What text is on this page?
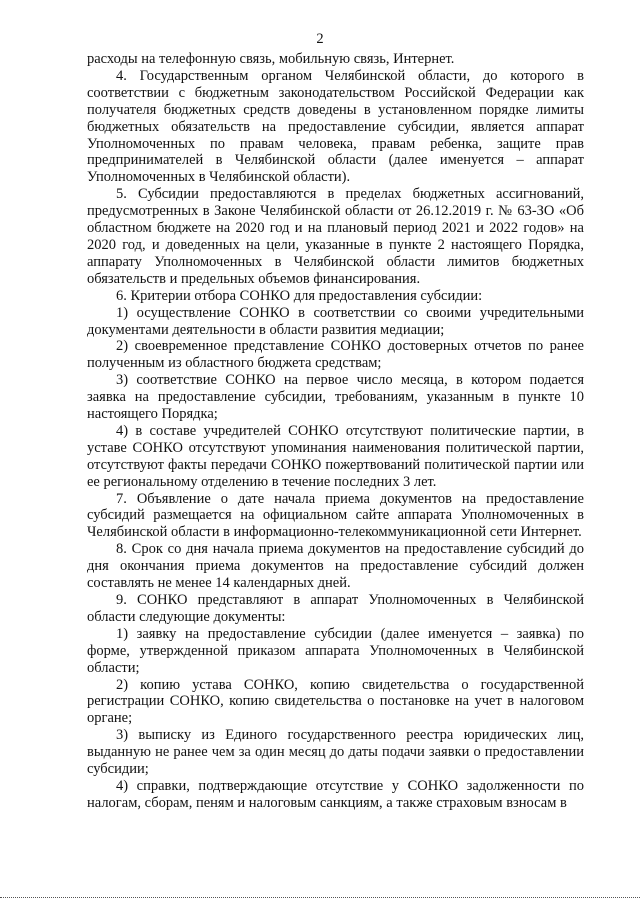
2

расходы на телефонную связь, мобильную связь, Интернет.

4. Государственным органом Челябинской области, до которого в соответствии с бюджетным законодательством Российской Федерации как получателя бюджетных средств доведены в установленном порядке лимиты бюджетных обязательств на предоставление субсидии, является аппарат Уполномоченных по правам человека, правам ребенка, защите прав предпринимателей в Челябинской области (далее именуется – аппарат Уполномоченных в Челябинской области).

5. Субсидии предоставляются в пределах бюджетных ассигнований, предусмотренных в Законе Челябинской области от 26.12.2019 г. № 63-ЗО «Об областном бюджете на 2020 год и на плановый период 2021 и 2022 годов» на 2020 год, и доведенных на цели, указанные в пункте 2 настоящего Порядка, аппарату Уполномоченных в Челябинской области лимитов бюджетных обязательств и предельных объемов финансирования.

6. Критерии отбора СОНКО для предоставления субсидии:

1) осуществление СОНКО в соответствии со своими учредительными документами деятельности в области развития медиации;

2) своевременное представление СОНКО достоверных отчетов по ранее полученным из областного бюджета средствам;

3) соответствие СОНКО на первое число месяца, в котором подается заявка на предоставление субсидии, требованиям, указанным в пункте 10 настоящего Порядка;

4) в составе учредителей СОНКО отсутствуют политические партии, в уставе СОНКО отсутствуют упоминания наименования политической партии, отсутствуют факты передачи СОНКО пожертвований политической партии или ее региональному отделению в течение последних 3 лет.

7. Объявление о дате начала приема документов на предоставление субсидий размещается на официальном сайте аппарата Уполномоченных в Челябинской области в информационно-телекоммуникационной сети Интернет.

8. Срок со дня начала приема документов на предоставление субсидий до дня окончания приема документов на предоставление субсидий должен составлять не менее 14 календарных дней.

9. СОНКО представляют в аппарат Уполномоченных в Челябинской области следующие документы:

1) заявку на предоставление субсидии (далее именуется – заявка) по форме, утвержденной приказом аппарата Уполномоченных в Челябинской области;

2) копию устава СОНКО, копию свидетельства о государственной регистрации СОНКО, копию свидетельства о постановке на учет в налоговом органе;

3) выписку из Единого государственного реестра юридических лиц, выданную не ранее чем за один месяц до даты подачи заявки о предоставлении субсидии;

4) справки, подтверждающие отсутствие у СОНКО задолженности по налогам, сборам, пеням и налоговым санкциям, а также страховым взносам в
